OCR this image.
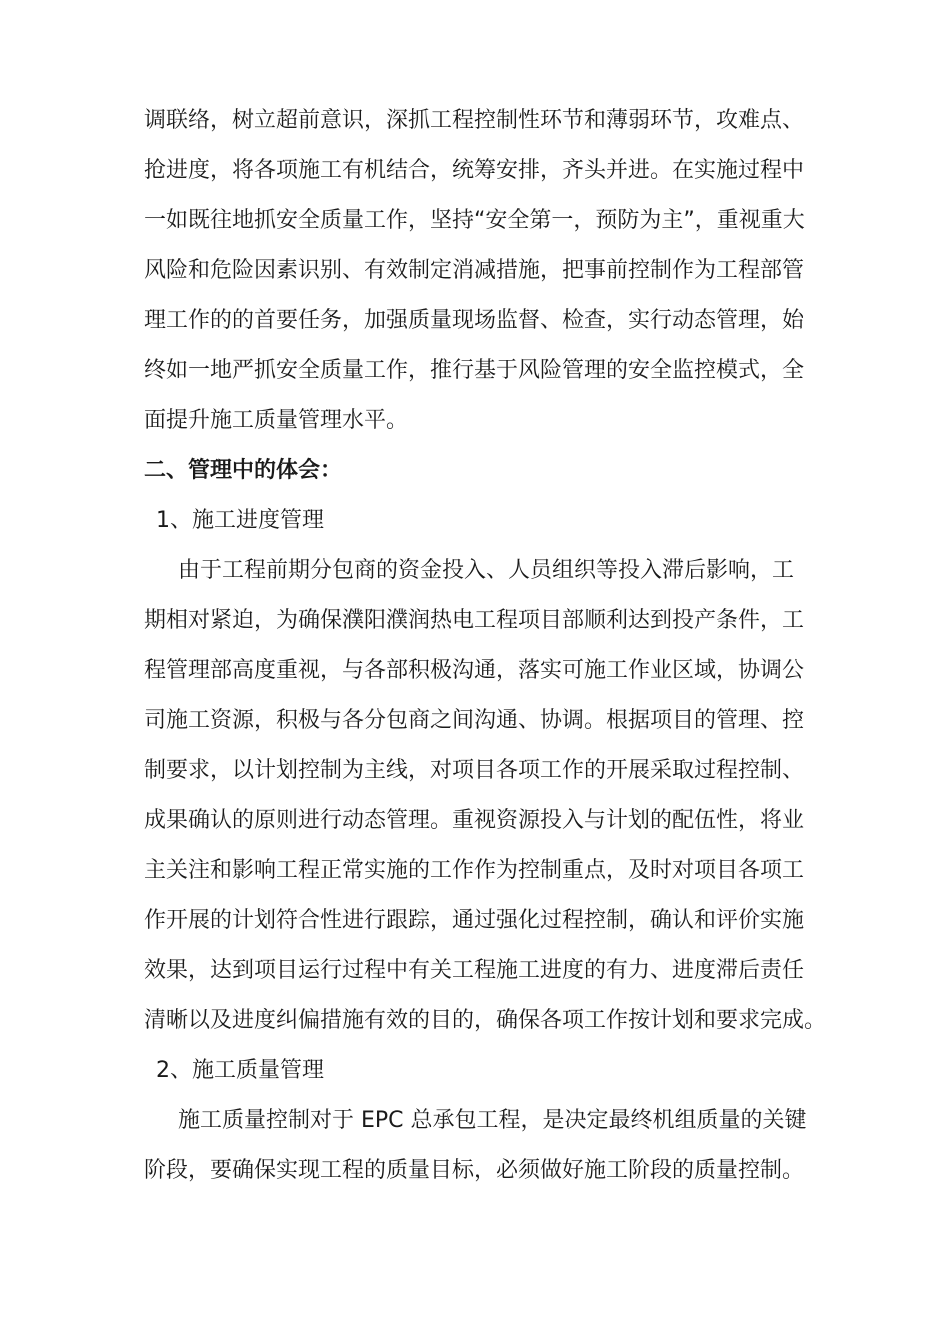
调联络，树立超前意识，深抓工程控制性环节和薄弱环节，攻难点、
抢进度，将各项施工有机结合，统筹安排，齐头并进。在实施过程中
一如既往地抓安全质量工作，坚持“安全第一，预防为主”，重视重大
风险和危险因素识别、有效制定消减措施，把事前控制作为工程部管
理工作的的首要任务，加强质量现场监督、检查，实行动态管理，始
终如一地严抓安全质量工作，推行基于风险管理的安全监控模式，全
面提升施工质量管理水平。
二、管理中的体会：
1、施工进度管理
由于工程前期分包商的资金投入、人员组织等投入滞后影响，工
期相对紧迫，为确保濮阳濮润热电工程项目部顺利达到投产条件，工
程管理部高度重视，与各部积极沟通，落实可施工作业区域，协调公
司施工资源，积极与各分包商之间沟通、协调。根据项目的管理、控
制要求，以计划控制为主线，对项目各项工作的开展采取过程控制、
成果确认的原则进行动态管理。重视资源投入与计划的配伍性，将业
主关注和影响工程正常实施的工作作为控制重点，及时对项目各项工
作开展的计划符合性进行跟踪，通过强化过程控制，确认和评价实施
效果，达到项目运行过程中有关工程施工进度的有力、进度滞后责任
清晰以及进度纠偏措施有效的目的，确保各项工作按计划和要求完成。
2、施工质量管理
施工质量控制对于 EPC 总承包工程，是决定最终机组质量的关键
阶段，要确保实现工程的质量目标，必须做好施工阶段的质量控制。
